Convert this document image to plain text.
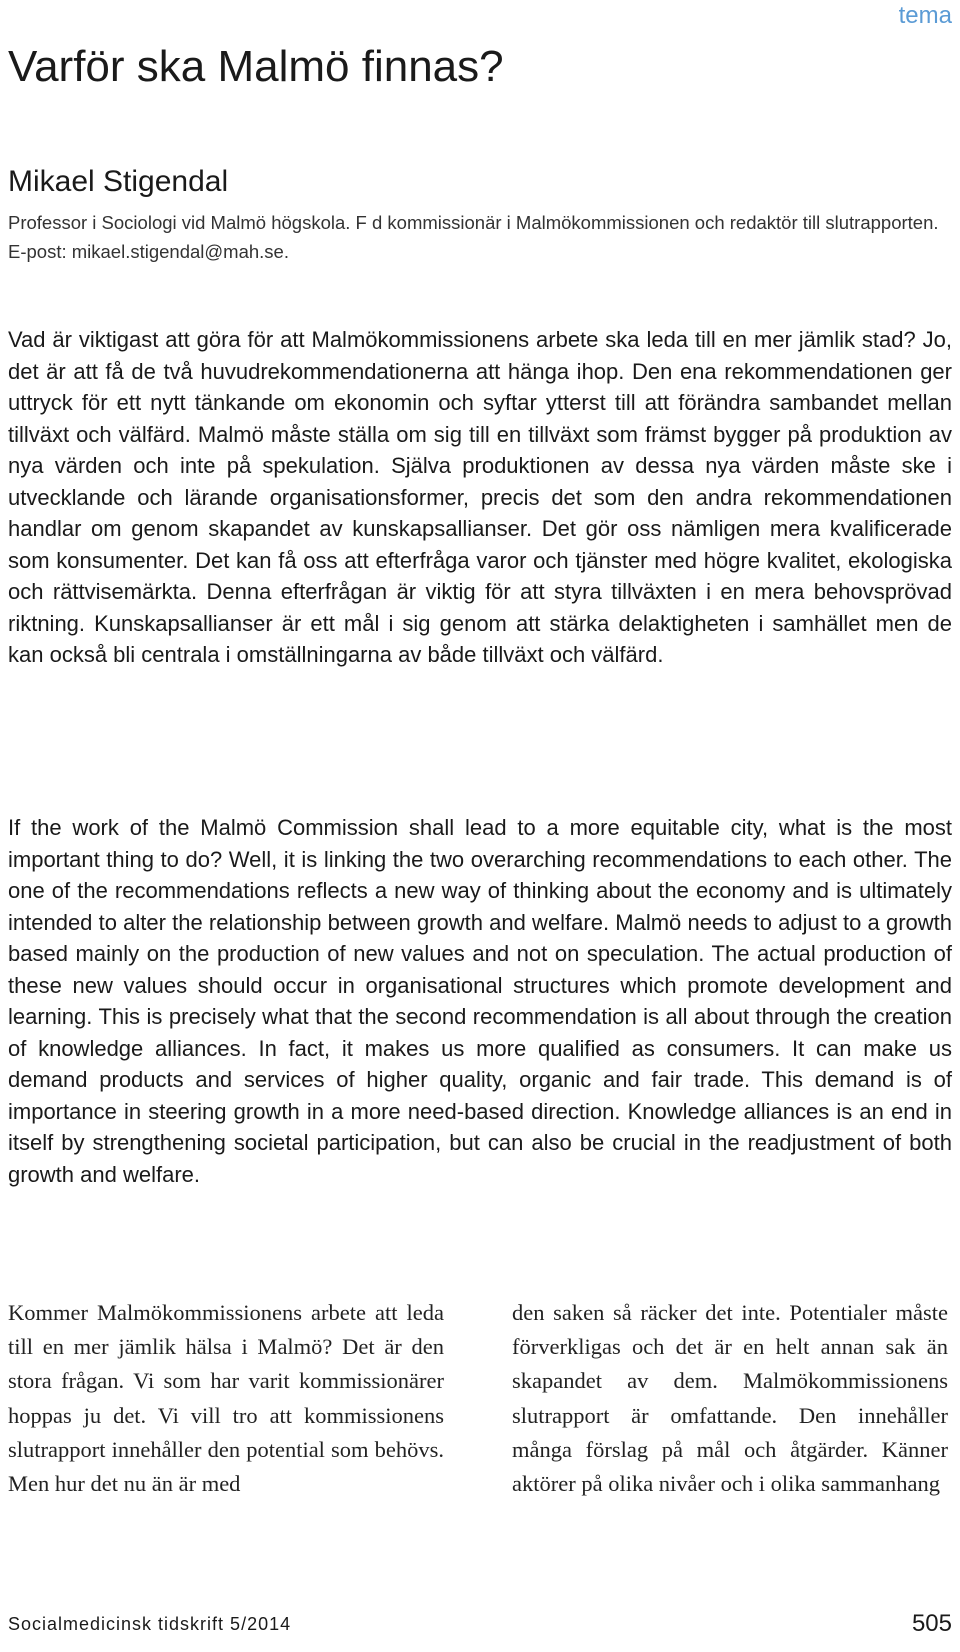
tema
Varför ska Malmö finnas?
Mikael Stigendal
Professor i Sociologi vid Malmö högskola. F d kommissionär i Malmökommissionen och redaktör till slutrapporten. E-post: mikael.stigendal@mah.se.

Vad är viktigast att göra för att Malmökommissionens arbete ska leda till en mer jämlik stad? Jo, det är att få de två huvudrekommendationerna att hänga ihop. Den ena rekommendationen ger uttryck för ett nytt tänkande om ekonomin och syftar ytterst till att förändra sambandet mellan tillväxt och välfärd. Malmö måste ställa om sig till en tillväxt som främst bygger på produktion av nya värden och inte på spekulation. Själva produktionen av dessa nya värden måste ske i utvecklande och lärande organisationsformer, precis det som den andra rekommendationen handlar om genom skapandet av kunskapsallianser. Det gör oss nämligen mera kvalificerade som konsumenter. Det kan få oss att efterfråga varor och tjänster med högre kvalitet, ekologiska och rättvisemärkta. Denna efterfrågan är viktig för att styra tillväxten i en mera behovsprövad riktning. Kunskapsallianser är ett mål i sig genom att stärka delaktigheten i samhället men de kan också bli centrala i omställningarna av både tillväxt och välfärd.

If the work of the Malmö Commission shall lead to a more equitable city, what is the most important thing to do? Well, it is linking the two overarching recommendations to each other. The one of the recommendations reflects a new way of thinking about the economy and is ultimately intended to alter the relationship between growth and welfare. Malmö needs to adjust to a growth based mainly on the production of new values and not on speculation. The actual production of these new values should occur in organisational structures which promote development and learning. This is precisely what that the second recommendation is all about through the creation of knowledge alliances. In fact, it makes us more qualified as consumers. It can make us demand products and services of higher quality, organic and fair trade. This demand is of importance in steering growth in a more need-based direction. Knowledge alliances is an end in itself by strengthening societal participation, but can also be crucial in the readjustment of both growth and welfare.

Kommer Malmökommissionens arbete att leda till en mer jämlik hälsa i Malmö? Det är den stora frågan. Vi som har varit kommissionärer hoppas ju det. Vi vill tro att kommissionens slutrapport innehåller den potential som behövs. Men hur det nu än är med

den saken så räcker det inte. Potentialer måste förverkligas och det är en helt annan sak än skapandet av dem. Malmökommissionens slutrapport är omfattande. Den innehåller många förslag på mål och åtgärder. Känner aktörer på olika nivåer och i olika sammanhang

Socialmedicinsk tidskrift 5/2014	505
